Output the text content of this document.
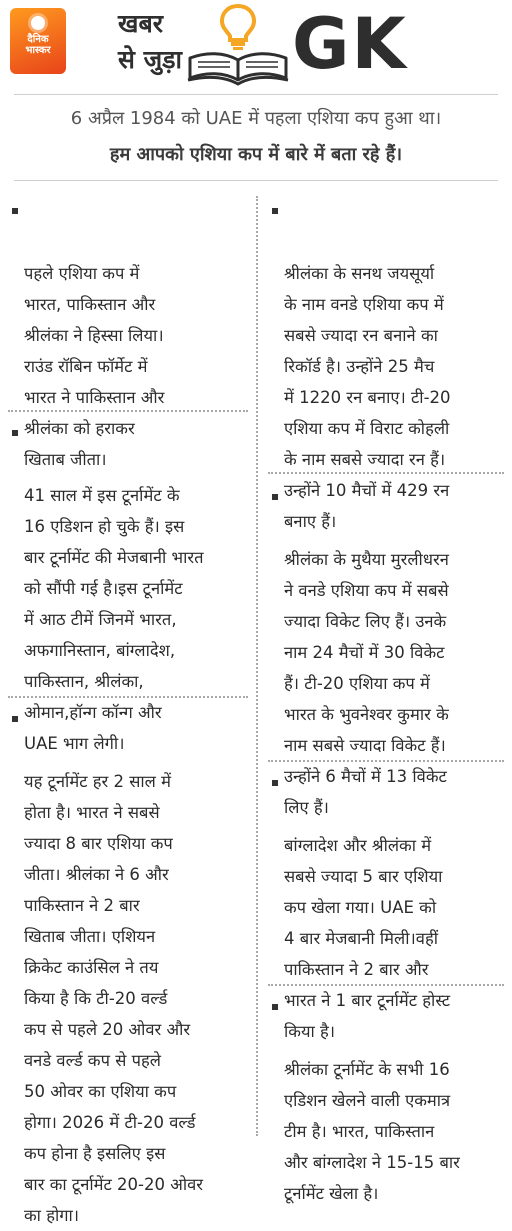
दैनिक
भास्कर
खबर
से जुड़ा GK
6 अप्रैल 1984 को UAE में पहला एशिया कप हुआ था।
हम आपको एशिया कप में बारे में बता रहे हैं।

पहले एशिया कप में
भारत, पाकिस्तान और
श्रीलंका ने हिस्सा लिया।
राउंड रॉबिन फॉर्मेट में
भारत ने पाकिस्तान और
श्रीलंका को हराकर
खिताब जीता।

41 साल में इस टूर्नामेंट के
16 एडिशन हो चुके हैं। इस
बार टूर्नामेंट की मेजबानी भारत
को सौंपी गई है।इस टूर्नामेंट
में आठ टीमें जिनमें भारत,
अफगानिस्तान, बांग्लादेश,
पाकिस्तान, श्रीलंका,
ओमान,हॉन्ग कॉन्ग और
UAE भाग लेगी।

यह टूर्नामेंट हर 2 साल में
होता है। भारत ने सबसे
ज्यादा 8 बार एशिया कप
जीता। श्रीलंका ने 6 और
पाकिस्तान ने 2 बार
खिताब जीता। एशियन
क्रिकेट काउंसिल ने तय
किया है कि टी-20 वर्ल्ड
कप से पहले 20 ओवर और
वनडे वर्ल्ड कप से पहले
50 ओवर का एशिया कप
होगा। 2026 में टी-20 वर्ल्ड
कप होना है इसलिए इस
बार का टूर्नामेंट 20-20 ओवर
का होगा।

श्रीलंका के सनथ जयसूर्या
के नाम वनडे एशिया कप में
सबसे ज्यादा रन बनाने का
रिकॉर्ड है। उन्होंने 25 मैच
में 1220 रन बनाए। टी-20
एशिया कप में विराट कोहली
के नाम सबसे ज्यादा रन हैं।
उन्होंने 10 मैचों में 429 रन
बनाए हैं।

श्रीलंका के मुथैया मुरलीधरन
ने वनडे एशिया कप में सबसे
ज्यादा विकेट लिए हैं। उनके
नाम 24 मैचों में 30 विकेट
हैं। टी-20 एशिया कप में
भारत के भुवनेश्वर कुमार के
नाम सबसे ज्यादा विकेट हैं।
उन्होंने 6 मैचों में 13 विकेट
लिए हैं।

बांग्लादेश और श्रीलंका में
सबसे ज्यादा 5 बार एशिया
कप खेला गया। UAE को
4 बार मेजबानी मिली।वहीं
पाकिस्तान ने 2 बार और
भारत ने 1 बार टूर्नामेंट होस्ट
किया है।

श्रीलंका टूर्नामेंट के सभी 16
एडिशन खेलने वाली एकमात्र
टीम है। भारत, पाकिस्तान
और बांग्लादेश ने 15-15 बार
टूर्नामेंट खेला है।
